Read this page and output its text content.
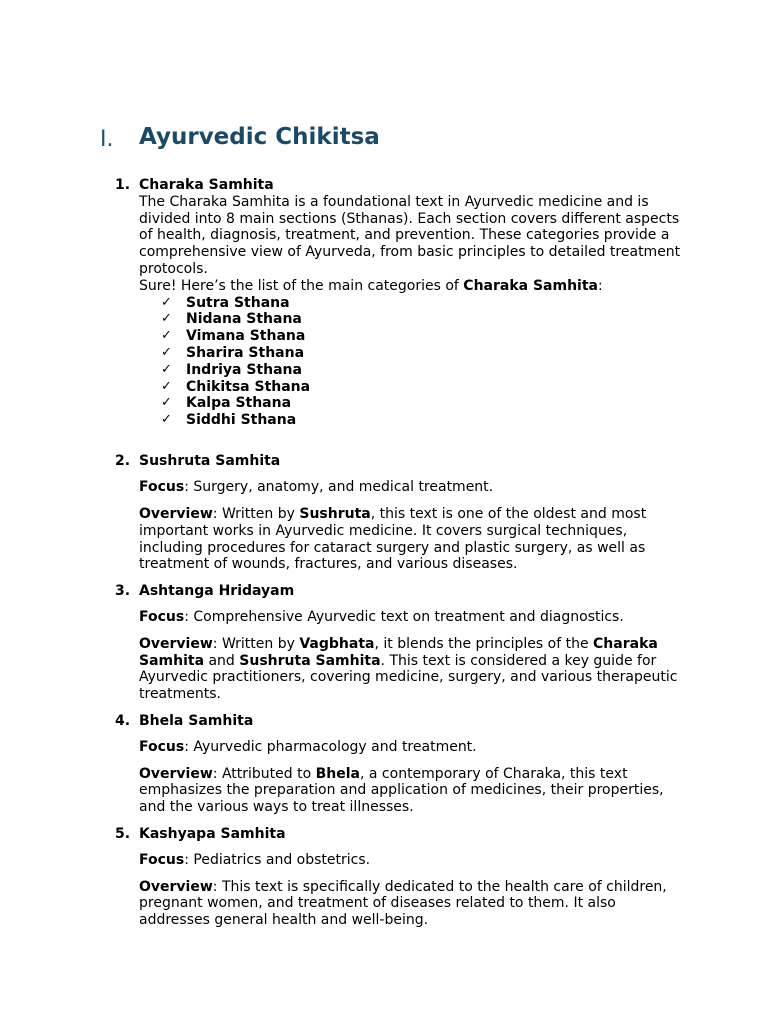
I. Ayurvedic Chikitsa
1. Charaka Samhita

The Charaka Samhita is a foundational text in Ayurvedic medicine and is divided into 8 main sections (Sthanas). Each section covers different aspects of health, diagnosis, treatment, and prevention. These categories provide a comprehensive view of Ayurveda, from basic principles to detailed treatment protocols.

Sure! Here’s the list of the main categories of Charaka Samhita:

✓ Sutra Sthana
✓ Nidana Sthana
✓ Vimana Sthana
✓ Sharira Sthana
✓ Indriya Sthana
✓ Chikitsa Sthana
✓ Kalpa Sthana
✓ Siddhi Sthana
2. Sushruta Samhita

Focus: Surgery, anatomy, and medical treatment.

Overview: Written by Sushruta, this text is one of the oldest and most important works in Ayurvedic medicine. It covers surgical techniques, including procedures for cataract surgery and plastic surgery, as well as treatment of wounds, fractures, and various diseases.

3. Ashtanga Hridayam

Focus: Comprehensive Ayurvedic text on treatment and diagnostics.

Overview: Written by Vagbhata, it blends the principles of the Charaka Samhita and Sushruta Samhita. This text is considered a key guide for Ayurvedic practitioners, covering medicine, surgery, and various therapeutic treatments.

4. Bhela Samhita

Focus: Ayurvedic pharmacology and treatment.

Overview: Attributed to Bhela, a contemporary of Charaka, this text emphasizes the preparation and application of medicines, their properties, and the various ways to treat illnesses.

5. Kashyapa Samhita

Focus: Pediatrics and obstetrics.

Overview: This text is specifically dedicated to the health care of children, pregnant women, and treatment of diseases related to them. It also addresses general health and well-being.
